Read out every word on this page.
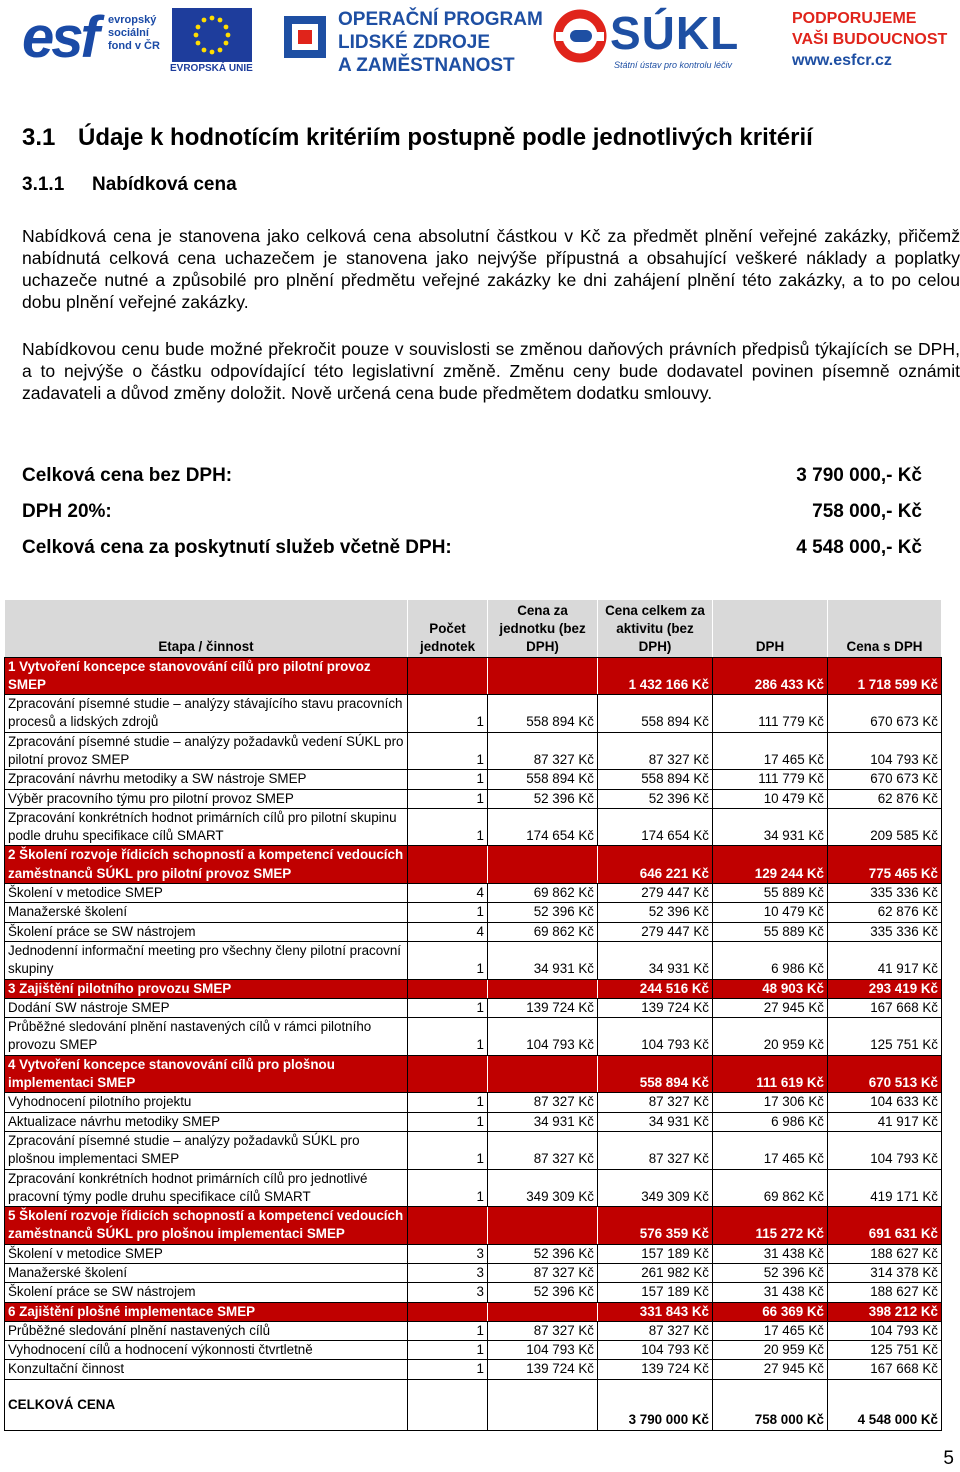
esf evropský
sociální
fond v ČR
EVROPSKÁ UNIE
OPERAČNÍ PROGRAM
LIDSKÉ ZDROJE
A ZAMĚSTNANOST
SÚKL
Státní ústav pro kontrolu léčiv
PODPORUJEME
VAŠI BUDOUCNOST
www.esfcr.cz
3.1 Údaje k hodnotícím kritériím postupně podle jednotlivých kritérií
3.1.1 Nabídková cena

Nabídková cena je stanovena jako celková cena absolutní částkou v Kč za předmět plnění veřejné zakázky, přičemž nabídnutá celková cena uchazečem je stanovena jako nejvýše přípustná a obsahující veškeré náklady a poplatky uchazeče nutné a způsobilé pro plnění předmětu veřejné zakázky ke dni zahájení plnění této zakázky, a to po celou dobu plnění veřejné zakázky.

Nabídkovou cenu bude možné překročit pouze v souvislosti se změnou daňových právních předpisů týkajících se DPH, a to nejvýše o částku odpovídající této legislativní změně. Změnu ceny bude dodavatel povinen písemně oznámit zadavateli a důvod změny doložit. Nově určená cena bude předmětem dodatku smlouvy.

Celková cena bez DPH:	3 790 000,- Kč
DPH 20%:	758 000,- Kč
Celková cena za poskytnutí služeb včetně DPH:	4 548 000,- Kč
Etapa / činnost	Počet jednotek	Cena za jednotku (bez DPH)	Cena celkem za aktivitu (bez DPH)	DPH	Cena s DPH
1 Vytvoření koncepce stanovování cílů pro pilotní provoz SMEP			1 432 166 Kč	286 433 Kč	1 718 599 Kč
Zpracování písemné studie – analýzy stávajícího stavu pracovních procesů a lidských zdrojů	1	558 894 Kč	558 894 Kč	111 779 Kč	670 673 Kč
Zpracování písemné studie – analýzy požadavků vedení SÚKL pro pilotní provoz SMEP	1	87 327 Kč	87 327 Kč	17 465 Kč	104 793 Kč
Zpracování návrhu metodiky a SW nástroje SMEP	1	558 894 Kč	558 894 Kč	111 779 Kč	670 673 Kč
Výběr pracovního týmu pro pilotní provoz SMEP	1	52 396 Kč	52 396 Kč	10 479 Kč	62 876 Kč
Zpracování konkrétních hodnot primárních cílů pro pilotní skupinu podle druhu specifikace cílů SMART	1	174 654 Kč	174 654 Kč	34 931 Kč	209 585 Kč
2 Školení rozvoje řídicích schopností a kompetencí vedoucích zaměstnanců SÚKL pro pilotní provoz SMEP			646 221 Kč	129 244 Kč	775 465 Kč
Školení v metodice SMEP	4	69 862 Kč	279 447 Kč	55 889 Kč	335 336 Kč
Manažerské školení	1	52 396 Kč	52 396 Kč	10 479 Kč	62 876 Kč
Školení práce se SW nástrojem	4	69 862 Kč	279 447 Kč	55 889 Kč	335 336 Kč
Jednodenní informační meeting pro všechny členy pilotní pracovní skupiny	1	34 931 Kč	34 931 Kč	6 986 Kč	41 917 Kč
3 Zajištění pilotního provozu SMEP			244 516 Kč	48 903 Kč	293 419 Kč
Dodání SW nástroje SMEP	1	139 724 Kč	139 724 Kč	27 945 Kč	167 668 Kč
Průběžné sledování plnění nastavených cílů v rámci pilotního provozu SMEP	1	104 793 Kč	104 793 Kč	20 959 Kč	125 751 Kč
4 Vytvoření koncepce stanovování cílů pro plošnou implementaci SMEP			558 894 Kč	111 619 Kč	670 513 Kč
Vyhodnocení pilotního projektu	1	87 327 Kč	87 327 Kč	17 306 Kč	104 633 Kč
Aktualizace návrhu metodiky SMEP	1	34 931 Kč	34 931 Kč	6 986 Kč	41 917 Kč
Zpracování písemné studie – analýzy požadavků SÚKL pro plošnou implementaci SMEP	1	87 327 Kč	87 327 Kč	17 465 Kč	104 793 Kč
Zpracování konkrétních hodnot primárních cílů pro jednotlivé pracovní týmy podle druhu specifikace cílů SMART	1	349 309 Kč	349 309 Kč	69 862 Kč	419 171 Kč
5 Školení rozvoje řídicích schopností a kompetencí vedoucích zaměstnanců SÚKL pro plošnou implementaci SMEP			576 359 Kč	115 272 Kč	691 631 Kč
Školení v metodice SMEP	3	52 396 Kč	157 189 Kč	31 438 Kč	188 627 Kč
Manažerské školení	3	87 327 Kč	261 982 Kč	52 396 Kč	314 378 Kč
Školení práce se SW nástrojem	3	52 396 Kč	157 189 Kč	31 438 Kč	188 627 Kč
6 Zajištění plošné implementace SMEP			331 843 Kč	66 369 Kč	398 212 Kč
Průběžné sledování plnění nastavených cílů	1	87 327 Kč	87 327 Kč	17 465 Kč	104 793 Kč
Vyhodnocení cílů a hodnocení výkonnosti čtvrtletně	1	104 793 Kč	104 793 Kč	20 959 Kč	125 751 Kč
Konzultační činnost	1	139 724 Kč	139 724 Kč	27 945 Kč	167 668 Kč
CELKOVÁ CENA			3 790 000 Kč	758 000 Kč	4 548 000 Kč
5
